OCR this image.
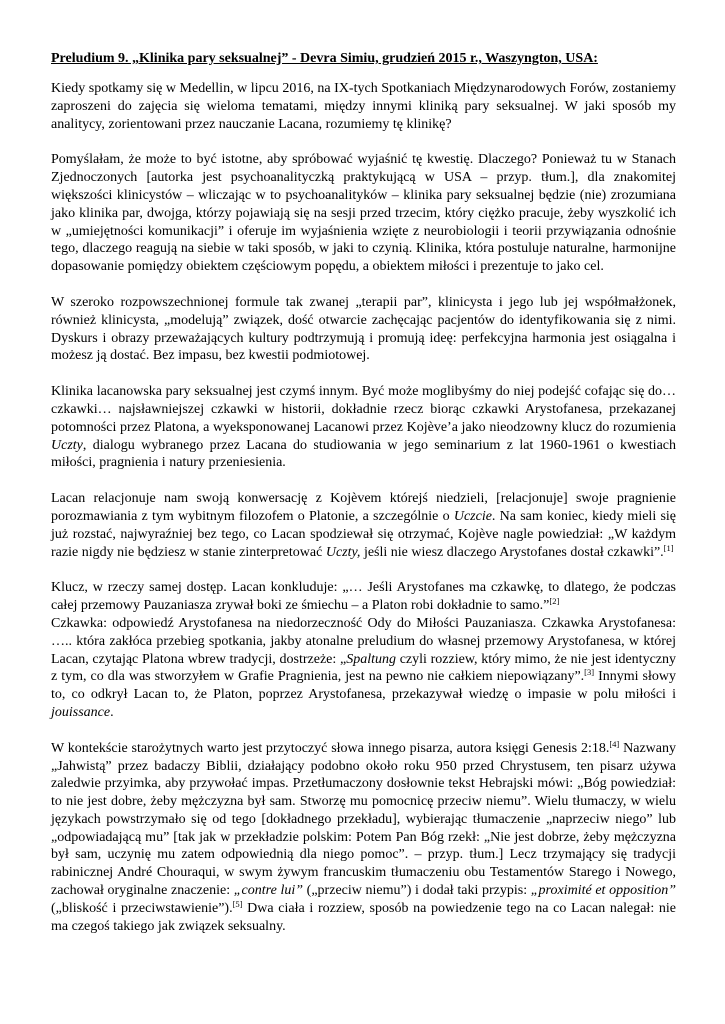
Preludium 9. „Klinika pary seksualnej” - Devra Simiu, grudzień 2015 r., Waszyngton, USA:

Kiedy spotkamy się w Medellin, w lipcu 2016, na IX-tych Spotkaniach Międzynarodowych Forów, zostaniemy zaproszeni do zajęcia się wieloma tematami, między innymi kliniką pary seksualnej. W jaki sposób my analitycy, zorientowani przez nauczanie Lacana, rozumiemy tę klinikę?

Pomyślałam, że może to być istotne, aby spróbować wyjaśnić tę kwestię. Dlaczego? Ponieważ tu w Stanach Zjednoczonych [autorka jest psychoanalityczką praktykującą w USA – przyp. tłum.], dla znakomitej większości klinicystów – wliczając w to psychoanalityków – klinika pary seksualnej będzie (nie) zrozumiana jako klinika par, dwojga, którzy pojawiają się na sesji przed trzecim, który ciężko pracuje, żeby wyszkolić ich w „umiejętności komunikacji” i oferuje im wyjaśnienia wzięte z neurobiologii i teorii przywiązania odnośnie tego, dlaczego reagują na siebie w taki sposób, w jaki to czynią. Klinika, która postuluje naturalne, harmonijne dopasowanie pomiędzy obiektem częściowym popędu, a obiektem miłości i prezentuje to jako cel.

W szeroko rozpowszechnionej formule tak zwanej „terapii par”, klinicysta i jego lub jej współmałżonek, również klinicysta, „modelują” związek, dość otwarcie zachęcając pacjentów do identyfikowania się z nimi. Dyskurs i obrazy przeważających kultury podtrzymują i promują ideę: perfekcyjna harmonia jest osiągalna i możesz ją dostać. Bez impasu, bez kwestii podmiotowej.

Klinika lacanowska pary seksualnej jest czymś innym. Być może moglibyśmy do niej podejść cofając się do… czkawki… najsławniejszej czkawki w historii, dokładnie rzecz biorąc czkawki Arystofanesa, przekazanej potomności przez Platona, a wyeksponowanej Lacanowi przez Kojève’a jako nieodzowny klucz do rozumienia Uczty, dialogu wybranego przez Lacana do studiowania w jego seminarium z lat 1960-1961 o kwestiach miłości, pragnienia i natury przeniesienia.

Lacan relacjonuje nam swoją konwersację z Kojèvem którejś niedzieli, [relacjonuje] swoje pragnienie porozmawiania z tym wybitnym filozofem o Platonie, a szczególnie o Uczcie. Na sam koniec, kiedy mieli się już rozstać, najwyraźniej bez tego, co Lacan spodziewał się otrzymać, Kojève nagle powiedział: „W każdym razie nigdy nie będziesz w stanie zinterpretować Uczty, jeśli nie wiesz dlaczego Arystofanes dostał czkawki”.[1]

Klucz, w rzeczy samej dostęp. Lacan konkluduje: „… Jeśli Arystofanes ma czkawkę, to dlatego, że podczas całej przemowy Pauzaniasza zrywał boki ze śmiechu – a Platon robi dokładnie to samo.”[2]

Czkawka: odpowiedź Arystofanesa na niedorzeczność Ody do Miłości Pauzaniasza. Czkawka Arystofanesa: ….. która zakłóca przebieg spotkania, jakby atonalne preludium do własnej przemowy Arystofanesa, w której Lacan, czytając Platona wbrew tradycji, dostrzeże: „Spaltung czyli rozziew, który mimo, że nie jest identyczny z tym, co dla was stworzyłem w Grafie Pragnienia, jest na pewno nie całkiem niepowiązany”.[3] Innymi słowy to, co odkrył Lacan to, że Platon, poprzez Arystofanesa, przekazywał wiedzę o impasie w polu miłości i jouissance.

W kontekście starożytnych warto jest przytoczyć słowa innego pisarza, autora księgi Genesis 2:18.[4] Nazwany „Jahwistą” przez badaczy Biblii, działający podobno około roku 950 przed Chrystusem, ten pisarz używa zaledwie przyimka, aby przywołać impas. Przetłumaczony dosłownie tekst Hebrajski mówi: „Bóg powiedział: to nie jest dobre, żeby mężczyzna był sam. Stworzę mu pomocnicę przeciw niemu”. Wielu tłumaczy, w wielu językach powstrzymało się od tego [dokładnego przekładu], wybierając tłumaczenie „naprzeciw niego” lub „odpowiadającą mu” [tak jak w przekładzie polskim: Potem Pan Bóg rzekł: „Nie jest dobrze, żeby mężczyzna był sam, uczynię mu zatem odpowiednią dla niego pomoc”. – przyp. tłum.] Lecz trzymający się tradycji rabinicznej André Chouraqui, w swym żywym francuskim tłumaczeniu obu Testamentów Starego i Nowego, zachował oryginalne znaczenie: „contre lui” („przeciw niemu”) i dodał taki przypis: „proximité et opposition” („bliskość i przeciwstawienie”).[5] Dwa ciała i rozziew, sposób na powiedzenie tego na co Lacan nalegał: nie ma czegoś takiego jak związek seksualny.
